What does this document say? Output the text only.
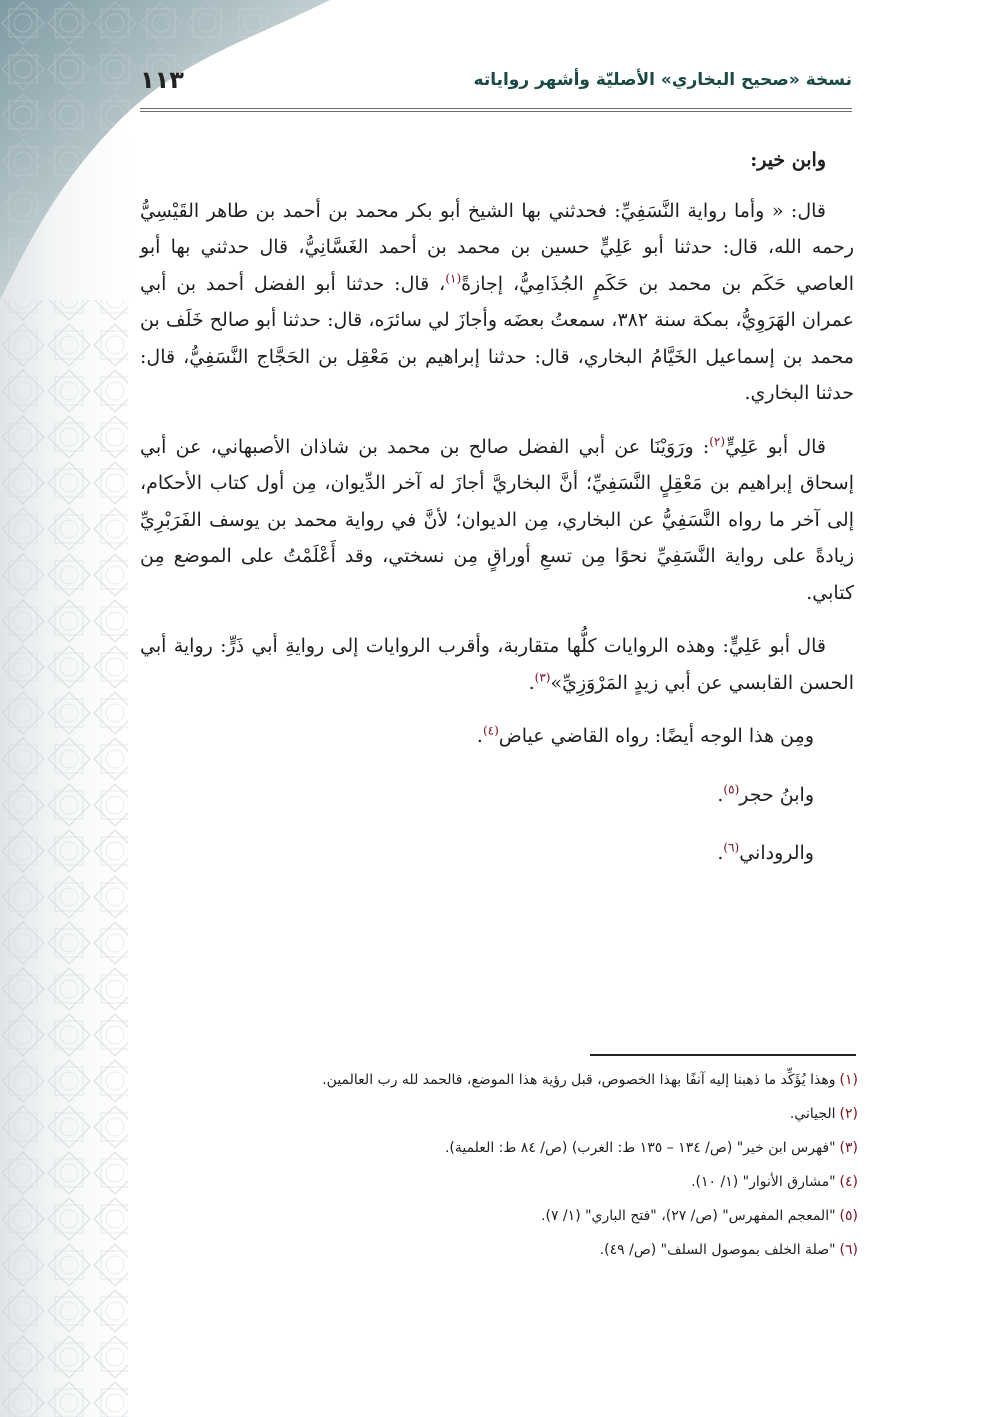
نسخة «صحيح البخاري» الأصليّة وأشهر رواياته
١١٣

وابن خير:

قال: « وأما رواية النَّسَفِيِّ: فحدثني بها الشيخ أبو بكر محمد بن أحمد بن طاهر القَيْسِيُّ رحمه الله، قال: حدثنا أبو عَلِيٍّ حسين بن محمد بن أحمد الغَسَّانِيُّ، قال حدثني بها أبو العاصي حَكَم بن محمد بن حَكَمٍ الجُذَامِيُّ، إجازةً$^{(١)}$، قال: حدثنا أبو الفضل أحمد بن أبي عمران الهَرَوِيُّ، بمكة سنة ٣٨٢، سمعتُ بعضَه وأجازَ لي سائرَه، قال: حدثنا أبو صالح خَلَف بن محمد بن إسماعيل الخَيَّامُ البخاري، قال: حدثنا إبراهيم بن مَعْقِل بن الحَجَّاج النَّسَفِيُّ، قال: حدثنا البخاري.

قال أبو عَلِيٍّ$^{(٢)}$: ورَوَيْنَا عن أبي الفضل صالح بن محمد بن شاذان الأصبهاني، عن أبي إسحاق إبراهيم بن مَعْقِلٍ النَّسَفِيِّ؛ أنَّ البخاريَّ أجازَ له آخر الدِّيوان، مِن أول كتاب الأحكام، إلى آخر ما رواه النَّسَفِيُّ عن البخاري، مِن الديوان؛ لأنَّ في رواية محمد بن يوسف الفَرَبْرِيِّ زيادةً على رواية النَّسَفِيِّ نحوًا مِن تسعِ أوراقٍ مِن نسختي، وقد أَعْلَمْتُ على الموضع مِن كتابي.

قال أبو عَلِيٍّ: وهذه الروايات كلُّها متقاربة، وأقرب الروايات إلى روايةِ أبي ذَرٍّ: رواية أبي الحسن القابسي عن أبي زيدٍ المَرْوَزِيِّ»$^{(٣)}$.

ومِن هذا الوجه أيضًا: رواه القاضي عياض$^{(٤)}$.

وابنُ حجر$^{(٥)}$.

والروداني$^{(٦)}$.

(١)وهذا يُؤَكِّد ما ذهبنا إليه آنفًا بهذا الخصوص، قبل رؤية هذا الموضع، فالحمد لله رب العالمين.

(٢)الجياني.

(٣)"فهرس ابن خير" (ص/ ١٣٤ – ١٣٥ ط: الغرب) (ص/ ٨٤ ط: العلمية).

(٤)"مشارق الأنوار" (١/ ١٠).

(٥)"المعجم المفهرس" (ص/ ٢٧)، "فتح الباري" (١/ ٧).

(٦)"صلة الخلف بموصول السلف" (ص/ ٤٩).
